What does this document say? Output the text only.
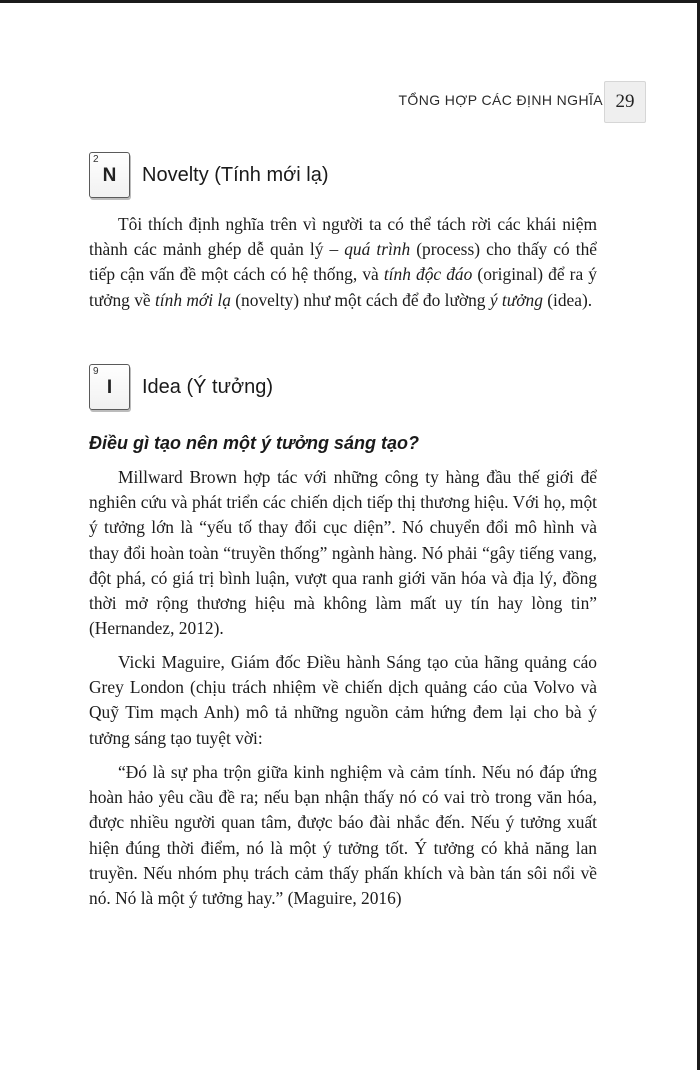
TỔNG HỢP CÁC ĐỊNH NGHĨA 29
2
N	Novelty (Tính mới lạ)

Tôi thích định nghĩa trên vì người ta có thể tách rời các khái niệm thành các mảnh ghép dễ quản lý – quá trình (process) cho thấy có thể tiếp cận vấn đề một cách có hệ thống, và tính độc đáo (original) để ra ý tưởng về tính mới lạ (novelty) như một cách để đo lường ý tưởng (idea).

9
I	Idea (Ý tưởng)
Điều gì tạo nên một ý tưởng sáng tạo?

Millward Brown hợp tác với những công ty hàng đầu thế giới để nghiên cứu và phát triển các chiến dịch tiếp thị thương hiệu. Với họ, một ý tưởng lớn là “yếu tố thay đổi cục diện”. Nó chuyển đổi mô hình và thay đổi hoàn toàn “truyền thống” ngành hàng. Nó phải “gây tiếng vang, đột phá, có giá trị bình luận, vượt qua ranh giới văn hóa và địa lý, đồng thời mở rộng thương hiệu mà không làm mất uy tín hay lòng tin” (Hernandez, 2012).

Vicki Maguire, Giám đốc Điều hành Sáng tạo của hãng quảng cáo Grey London (chịu trách nhiệm về chiến dịch quảng cáo của Volvo và Quỹ Tim mạch Anh) mô tả những nguồn cảm hứng đem lại cho bà ý tưởng sáng tạo tuyệt vời:

“Đó là sự pha trộn giữa kinh nghiệm và cảm tính. Nếu nó đáp ứng hoàn hảo yêu cầu đề ra; nếu bạn nhận thấy nó có vai trò trong văn hóa, được nhiều người quan tâm, được báo đài nhắc đến. Nếu ý tưởng xuất hiện đúng thời điểm, nó là một ý tưởng tốt. Ý tưởng có khả năng lan truyền. Nếu nhóm phụ trách cảm thấy phấn khích và bàn tán sôi nổi về nó. Nó là một ý tưởng hay.” (Maguire, 2016)
